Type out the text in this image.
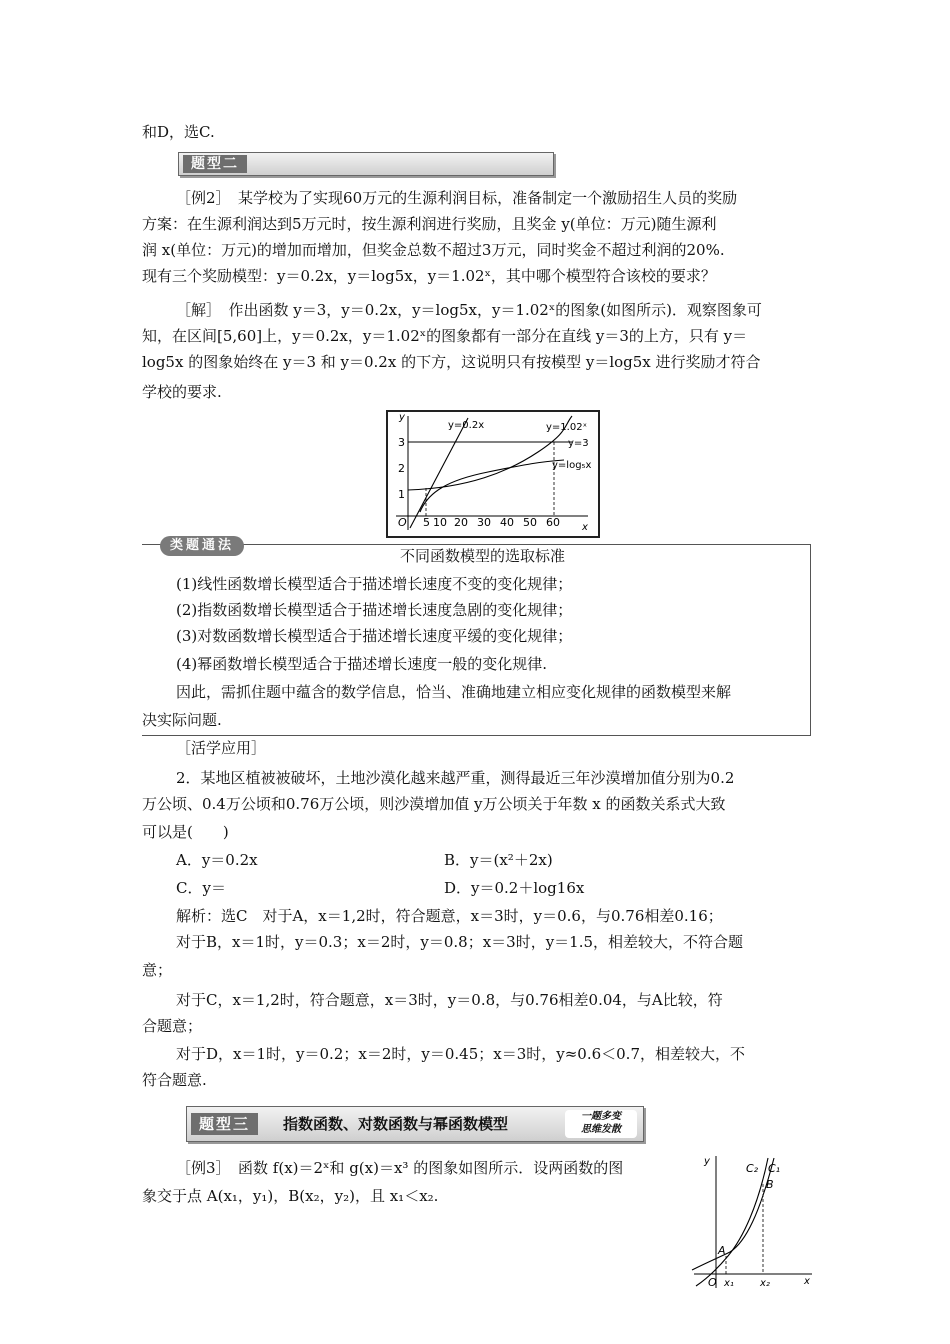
和D，选C.
题型二
［例2］　某学校为了实现60万元的生源利润目标，准备制定一个激励招生人员的奖励
方案：在生源利润达到5万元时，按生源利润进行奖励，且奖金 y(单位：万元)随生源利
润 x(单位：万元)的增加而增加，但奖金总数不超过3万元，同时奖金不超过利润的20%.
现有三个奖励模型：y＝0.2x，y＝log5x，y＝1.02ˣ，其中哪个模型符合该校的要求？
［解］　作出函数 y＝3，y＝0.2x，y＝log5x，y＝1.02ˣ的图象(如图所示)．观察图象可
知，在区间[5,60]上，y＝0.2x，y＝1.02ˣ的图象都有一部分在直线 y＝3的上方，只有 y＝
log5x 的图象始终在 y＝3 和 y＝0.2x 的下方，这说明只有按模型 y＝log5x 进行奖励才符合
学校的要求.
y
x
O 5 10 20 30 40 50 60
1
2
3
y=0.2x	y=1.02ˣ
y=3
y=log₅x
类题通法
不同函数模型的选取标准
(1)线性函数增长模型适合于描述增长速度不变的变化规律；
(2)指数函数增长模型适合于描述增长速度急剧的变化规律；
(3)对数函数增长模型适合于描述增长速度平缓的变化规律；
(4)幂函数增长模型适合于描述增长速度一般的变化规律.
因此，需抓住题中蕴含的数学信息，恰当、准确地建立相应变化规律的函数模型来解
决实际问题.
［活学应用］
2．某地区植被被破坏，土地沙漠化越来越严重，测得最近三年沙漠增加值分别为0.2
万公顷、0.4万公顷和0.76万公顷，则沙漠增加值 y万公顷关于年数 x 的函数关系式大致
可以是(　　)
A．y＝0.2x	B．y＝(x²＋2x)
C．y＝	D．y＝0.2＋log16x
解析：选C　对于A，x＝1,2时，符合题意，x＝3时，y＝0.6，与0.76相差0.16；
对于B，x＝1时，y＝0.3；x＝2时，y＝0.8；x＝3时，y＝1.5，相差较大，不符合题
意；
对于C，x＝1,2时，符合题意，x＝3时，y＝0.8，与0.76相差0.04，与A比较，符
合题意；
对于D，x＝1时，y＝0.2；x＝2时，y＝0.45；x＝3时，y≈0.6＜0.7，相差较大，不
符合题意.
题型三	指数函数、对数函数与幂函数模型	一题多变
思维发散
［例3］　函数 f(x)＝2ˣ和 g(x)＝x³ 的图象如图所示．设两函数的图
象交于点 A(x₁，y₁)，B(x₂，y₂)，且 x₁＜x₂.
y
x
O
C₂ C₁
B
A
x₁	x₂
